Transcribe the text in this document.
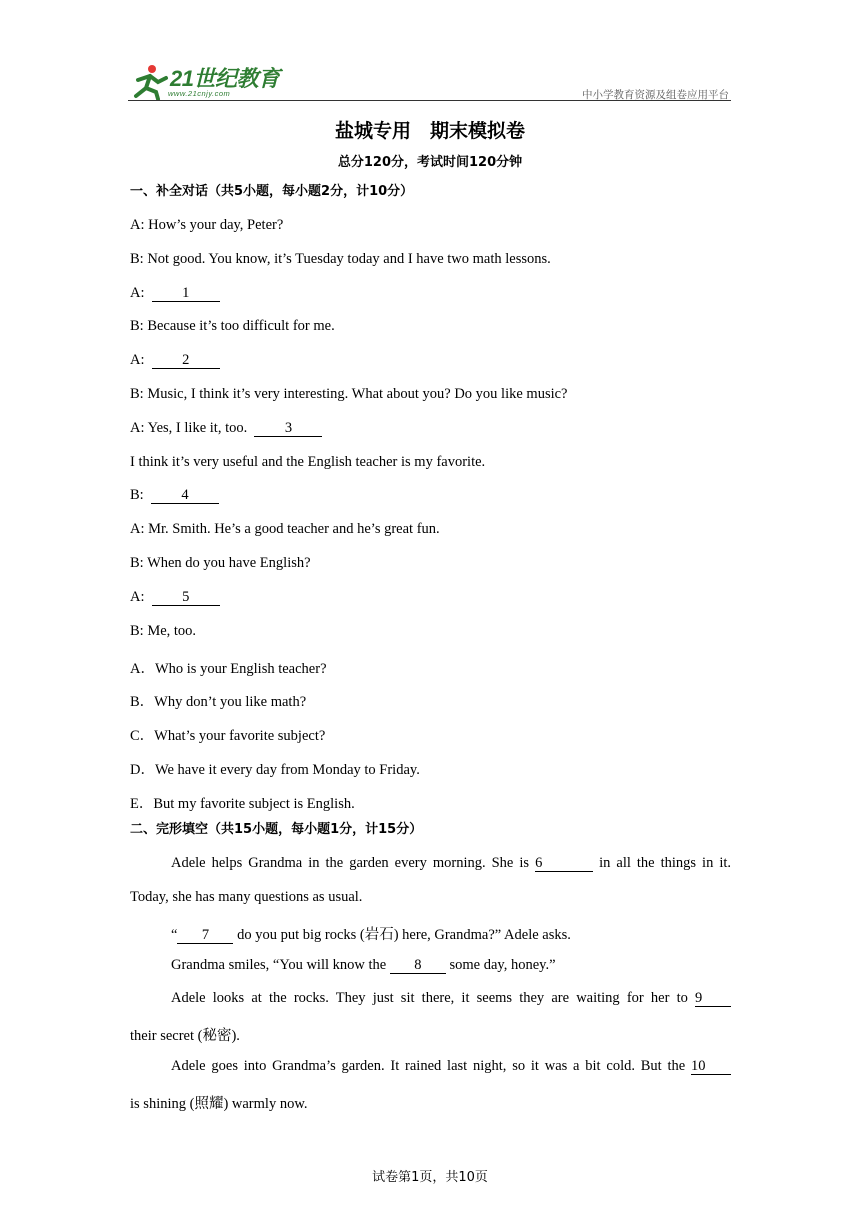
21世纪教育
www.21cnjy.com	中小学教育资源及组卷应用平台
盐城专用　期末模拟卷
总分120分，考试时间120分钟
一、补全对话（共5小题，每小题2分，计10分）
A: How’s your day, Peter?
B: Not good. You know, it’s Tuesday today and I have two math lessons.
A:	1
B: Because it’s too difficult for me.
A:	2
B: Music, I think it’s very interesting. What about you? Do you like music?
A: Yes, I like it, too.	3
I think it’s very useful and the English teacher is my favorite.
B:	4
A: Mr. Smith. He’s a good teacher and he’s great fun.
B: When do you have English?
A:	5
B: Me, too.
A．Who is your English teacher?
B．Why don’t you like math?
C．What’s your favorite subject?
D．We have it every day from Monday to Friday.
E．But my favorite subject is English.
二、完形填空（共15小题，每小题1分，计15分）
Adele helps Grandma in the garden every morning. She is 6	in all the things in it.
Today, she has many questions as usual.
“ 7 do you put big rocks (岩石) here, Grandma?” Adele asks.
Grandma smiles, “You will know the 8 some day, honey.”
Adele looks at the rocks. They just sit there, it seems they are waiting for her to 9
their secret (秘密).
Adele goes into Grandma’s garden. It rained last night, so it was a bit cold. But the 10
is shining (照耀) warmly now.
试卷第1页，共10页
